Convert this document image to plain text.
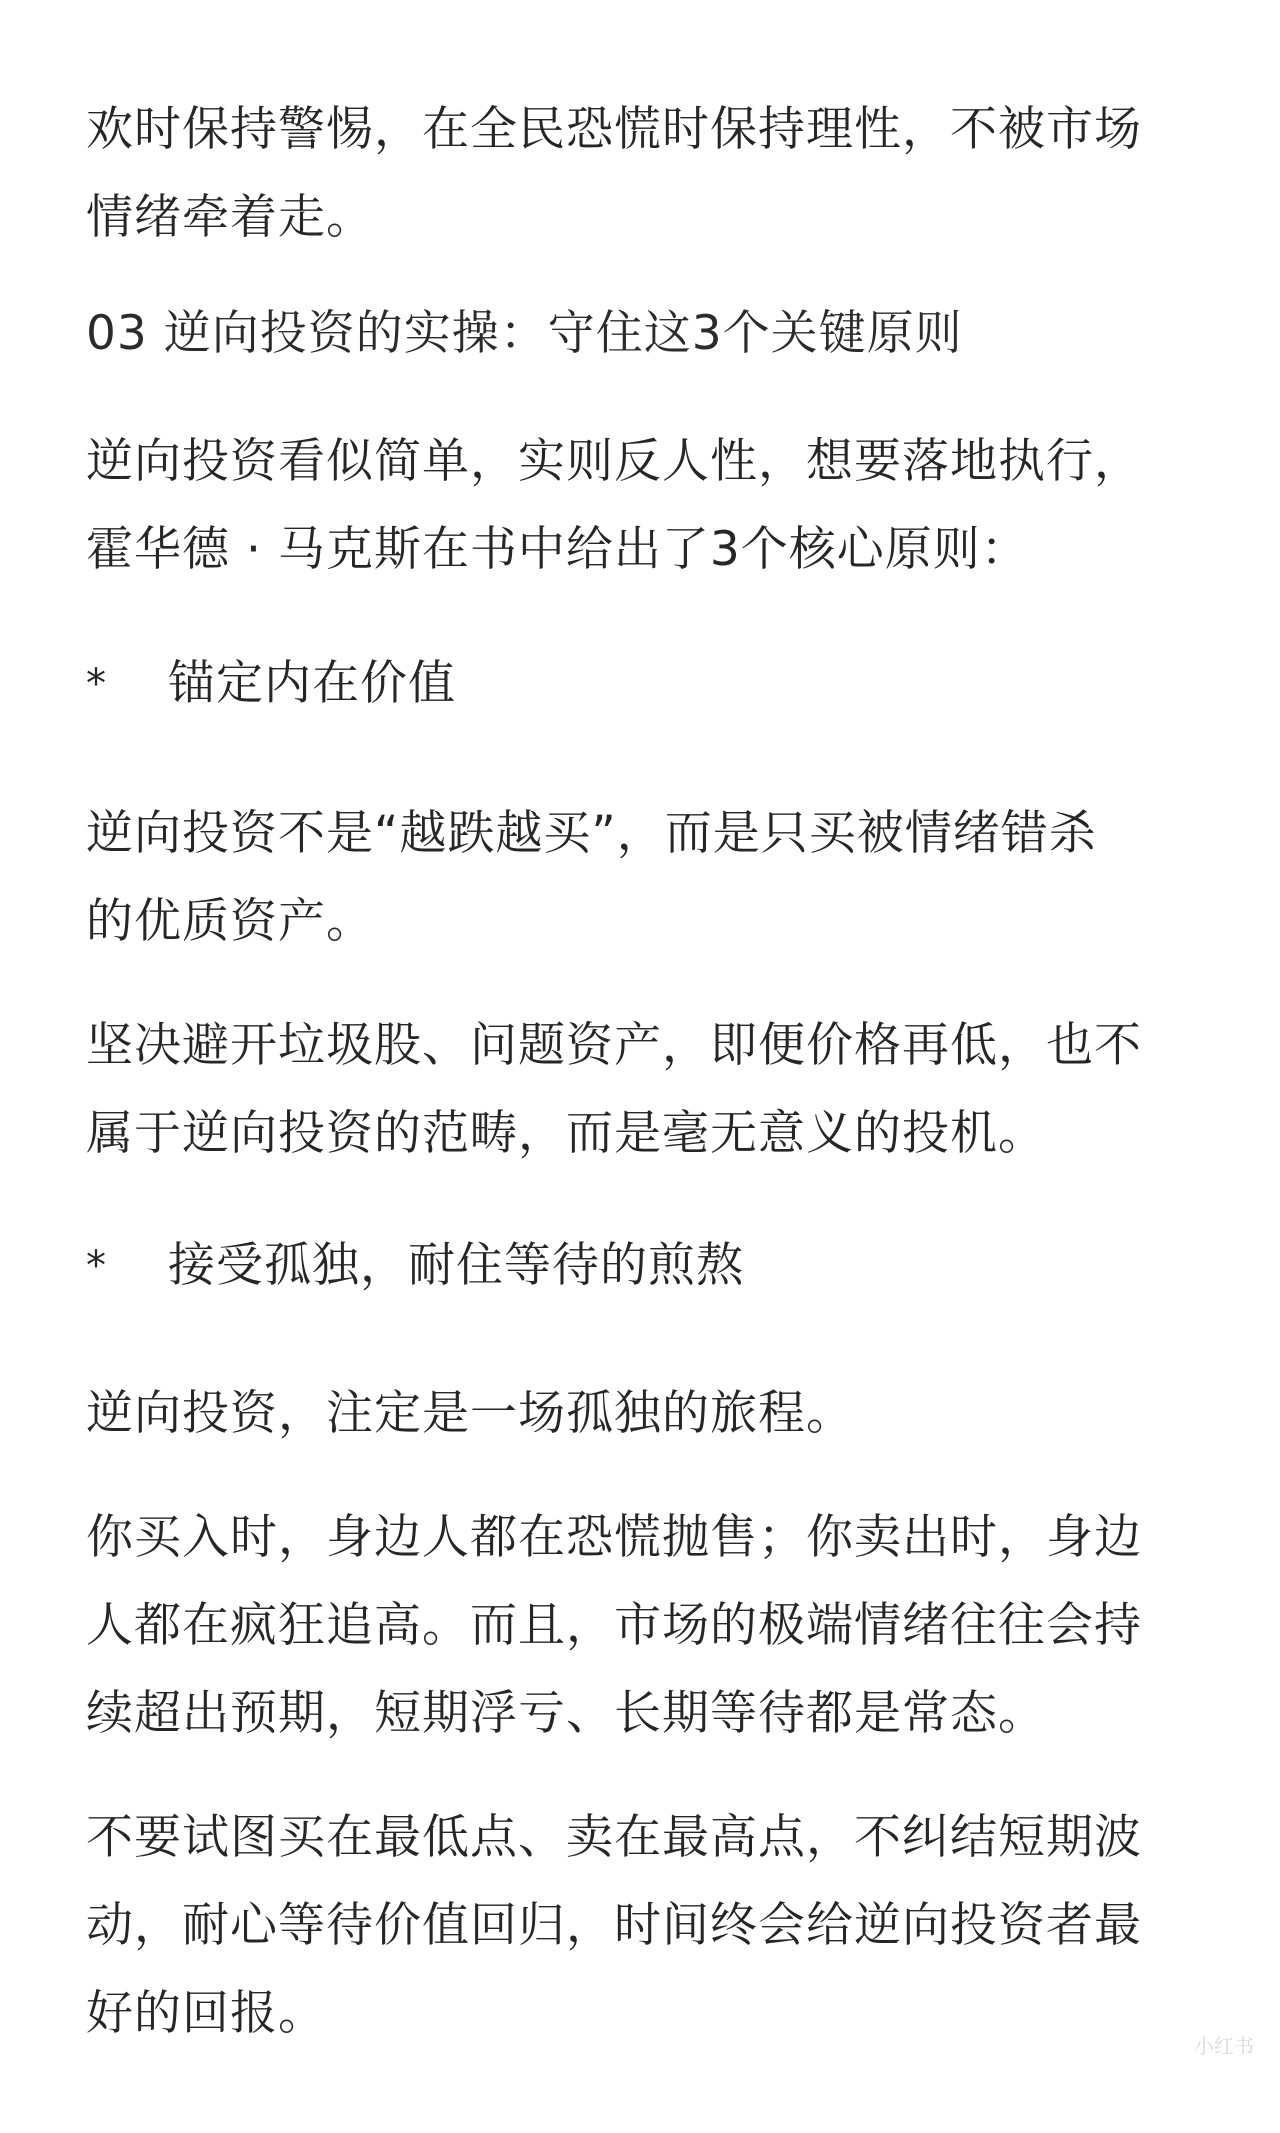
欢时保持警惕，在全民恐慌时保持理性，不被市场
情绪牵着走。
03 逆向投资的实操：守住这3个关键原则
逆向投资看似简单，实则反人性，想要落地执行，
霍华德 · 马克斯在书中给出了3个核心原则：
*	锚定内在价值
逆向投资不是“越跌越买”，而是只买被情绪错杀
的优质资产。
坚决避开垃圾股、问题资产，即便价格再低，也不
属于逆向投资的范畴，而是毫无意义的投机。
*	接受孤独，耐住等待的煎熬
逆向投资，注定是一场孤独的旅程。
你买入时，身边人都在恐慌抛售；你卖出时，身边
人都在疯狂追高。而且，市场的极端情绪往往会持
续超出预期，短期浮亏、长期等待都是常态。
不要试图买在最低点、卖在最高点，不纠结短期波
动，耐心等待价值回归，时间终会给逆向投资者最
好的回报。
小红书
